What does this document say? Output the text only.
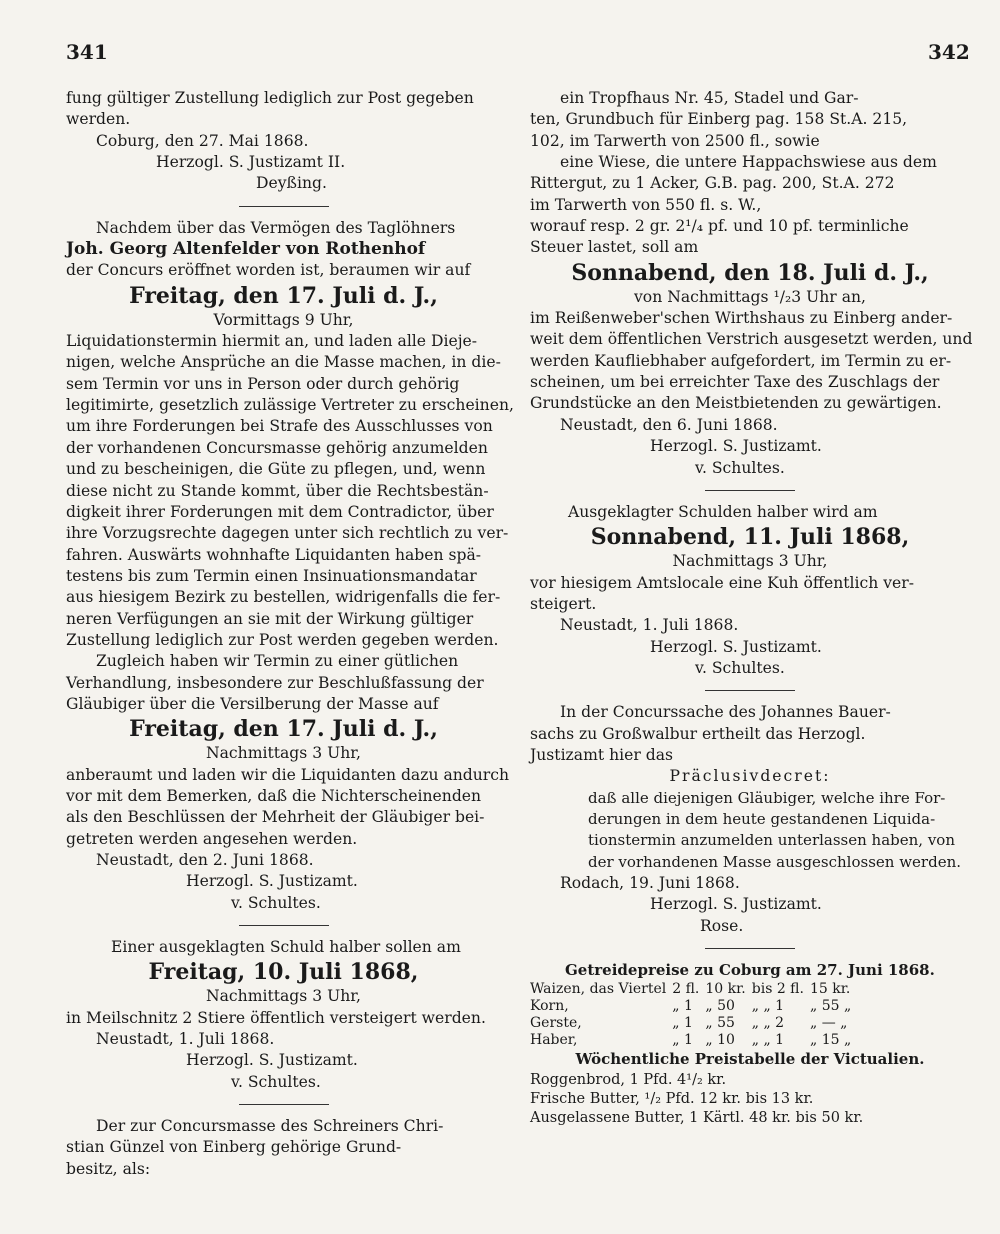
341	342

fung gültiger Zustellung lediglich zur Post gegeben

werden.

Coburg, den 27. Mai 1868.

Herzogl. S. Justizamt II.

Deyßing.

Nachdem über das Vermögen des Taglöhners

Joh. Georg Altenfelder von Rothenhof

der Concurs eröffnet worden ist, beraumen wir auf

Freitag, den 17. Juli d. J.,

Vormittags 9 Uhr,

Liquidationstermin hiermit an, und laden alle Dieje-

nigen, welche Ansprüche an die Masse machen, in die-

sem Termin vor uns in Person oder durch gehörig

legitimirte, gesetzlich zulässige Vertreter zu erscheinen,

um ihre Forderungen bei Strafe des Ausschlusses von

der vorhandenen Concursmasse gehörig anzumelden

und zu bescheinigen, die Güte zu pflegen, und, wenn

diese nicht zu Stande kommt, über die Rechtsbestän-

digkeit ihrer Forderungen mit dem Contradictor, über

ihre Vorzugsrechte dagegen unter sich rechtlich zu ver-

fahren. Auswärts wohnhafte Liquidanten haben spä-

testens bis zum Termin einen Insinuationsmandatar

aus hiesigem Bezirk zu bestellen, widrigenfalls die fer-

neren Verfügungen an sie mit der Wirkung gültiger

Zustellung lediglich zur Post werden gegeben werden.

Zugleich haben wir Termin zu einer gütlichen

Verhandlung, insbesondere zur Beschlußfassung der

Gläubiger über die Versilberung der Masse auf

Freitag, den 17. Juli d. J.,

Nachmittags 3 Uhr,

anberaumt und laden wir die Liquidanten dazu andurch

vor mit dem Bemerken, daß die Nichterscheinenden

als den Beschlüssen der Mehrheit der Gläubiger bei-

getreten werden angesehen werden.

Neustadt, den 2. Juni 1868.

Herzogl. S. Justizamt.

v. Schultes.

Einer ausgeklagten Schuld halber sollen am

Freitag, 10. Juli 1868,

Nachmittags 3 Uhr,

in Meilschnitz 2 Stiere öffentlich versteigert werden.

Neustadt, 1. Juli 1868.

Herzogl. S. Justizamt.

v. Schultes.

Der zur Concursmasse des Schreiners Chri-

stian Günzel von Einberg gehörige Grund-

besitz, als:

ein Tropfhaus Nr. 45, Stadel und Gar-

ten, Grundbuch für Einberg pag. 158 St.A. 215,

102, im Tarwerth von 2500 fl., sowie

eine Wiese, die untere Happachswiese aus dem

Rittergut, zu 1 Acker, G.B. pag. 200, St.A. 272

im Tarwerth von 550 fl. s. W.,

worauf resp. 2 gr. 2¹/₄ pf. und 10 pf. terminliche

Steuer lastet, soll am

Sonnabend, den 18. Juli d. J.,

von Nachmittags ¹/₂3 Uhr an,

im Reißenweber'schen Wirthshaus zu Einberg ander-

weit dem öffentlichen Verstrich ausgesetzt werden, und

werden Kaufliebhaber aufgefordert, im Termin zu er-

scheinen, um bei erreichter Taxe des Zuschlags der

Grundstücke an den Meistbietenden zu gewärtigen.

Neustadt, den 6. Juni 1868.

Herzogl. S. Justizamt.

v. Schultes.

Ausgeklagter Schulden halber wird am

Sonnabend, 11. Juli 1868,

Nachmittags 3 Uhr,

vor hiesigem Amtslocale eine Kuh öffentlich ver-

steigert.

Neustadt, 1. Juli 1868.

Herzogl. S. Justizamt.

v. Schultes.

In der Concurssache des Johannes Bauer-

sachs zu Großwalbur ertheilt das Herzogl.

Justizamt hier das

Präclusivdecret:

daß alle diejenigen Gläubiger, welche ihre For-

derungen in dem heute gestandenen Liquida-

tionstermin anzumelden unterlassen haben, von

der vorhandenen Masse ausgeschlossen werden.

Rodach, 19. Juni 1868.

Herzogl. S. Justizamt.

Rose.

Getreidepreise zu Coburg am 27. Juni 1868.

Waizen, das Viertel	2 fl.	10 kr.	bis 2 fl.	15 kr.
Korn,	„ 1	„ 50	„ „ 1	„ 55 „
Gerste,	„ 1	„ 55	„ „ 2	„ — „
Haber,	„ 1	„ 10	„ „ 1	„ 15 „

Wöchentliche Preistabelle der Victualien.

Roggenbrod, 1 Pfd. 4¹/₂ kr.

Frische Butter, ¹/₂ Pfd. 12 kr. bis 13 kr.

Ausgelassene Butter, 1 Kärtl. 48 kr. bis 50 kr.
